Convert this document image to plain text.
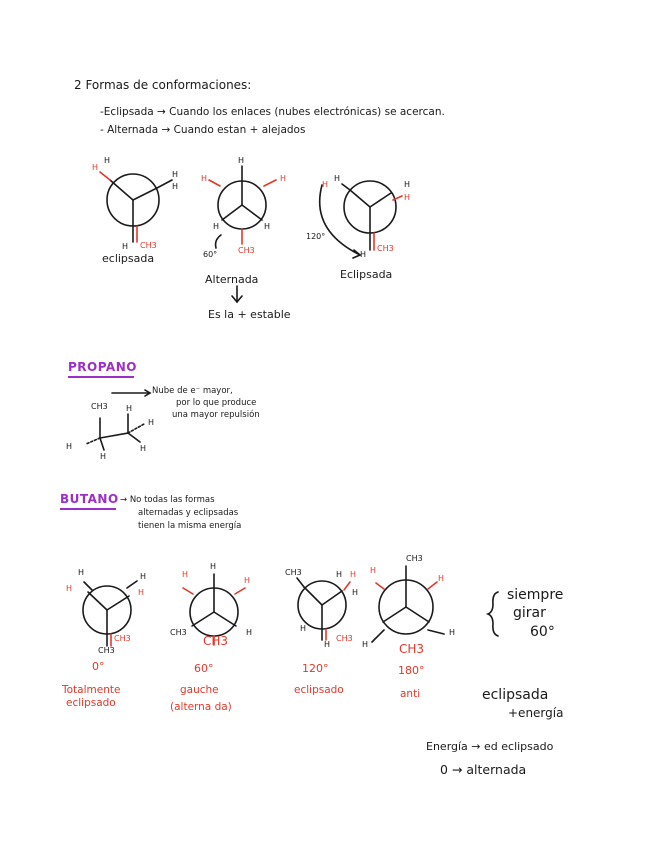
2 Formas de conformaciones:
-Eclipsada → Cuando los enlaces (nubes electrónicas) se acercan.
- Alternada → Cuando estan + alejados
H
H
H
H
H CH3
eclipsada
H
H	H
H	H
CH3
60°
Alternada
Es la + estable
H
H
H
H
H
CH3
120°
Eclipsada
PROPANO
Nube de e⁻ mayor,
por lo que produce
una mayor repulsión
CH3 H
H
H
H
H
BUTANO → No todas las formas
alternadas y eclipsadas
tienen la misma energía
H
H
H
H
CH3
CH3
0°
Totalmente
eclipsado
H
H
H
CH3	H
CH3
60°
gauche
(alterna da)
CH3	H H
H
H
H
CH3
120°
eclipsado
CH3
H
H
H
H
CH3
180°
anti
siempre
girar
60°
eclipsada
+energía
Energía → ed eclipsado
0 → alternada
